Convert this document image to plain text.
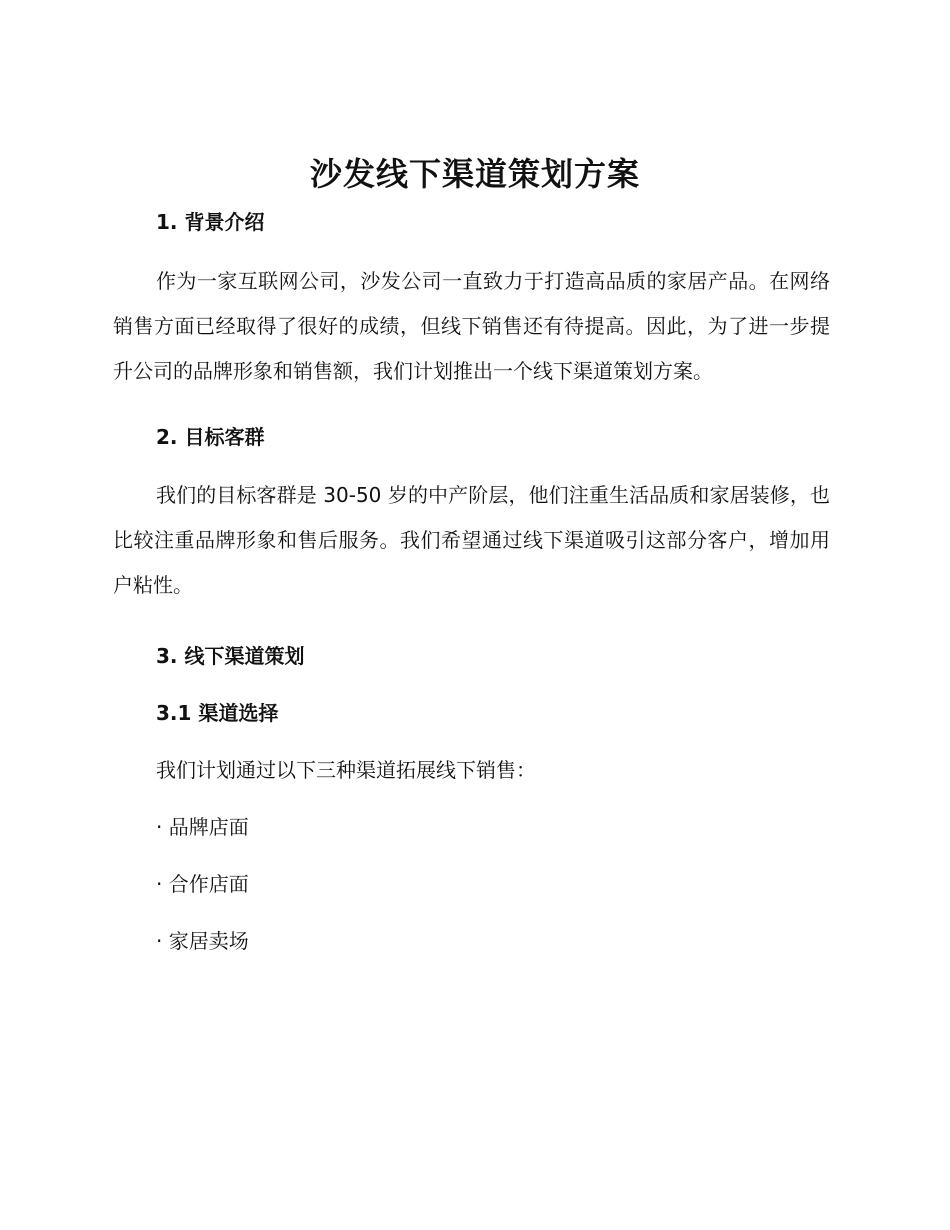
沙发线下渠道策划方案
1. 背景介绍

作为一家互联网公司，沙发公司一直致力于打造高品质的家居产品。在网络销售方面已经取得了很好的成绩，但线下销售还有待提高。因此，为了进一步提升公司的品牌形象和销售额，我们计划推出一个线下渠道策划方案。

2. 目标客群

我们的目标客群是 30-50 岁的中产阶层，他们注重生活品质和家居装修，也比较注重品牌形象和售后服务。我们希望通过线下渠道吸引这部分客户，增加用户粘性。

3. 线下渠道策划
3.1 渠道选择

我们计划通过以下三种渠道拓展线下销售：

· 品牌店面

· 合作店面

· 家居卖场
